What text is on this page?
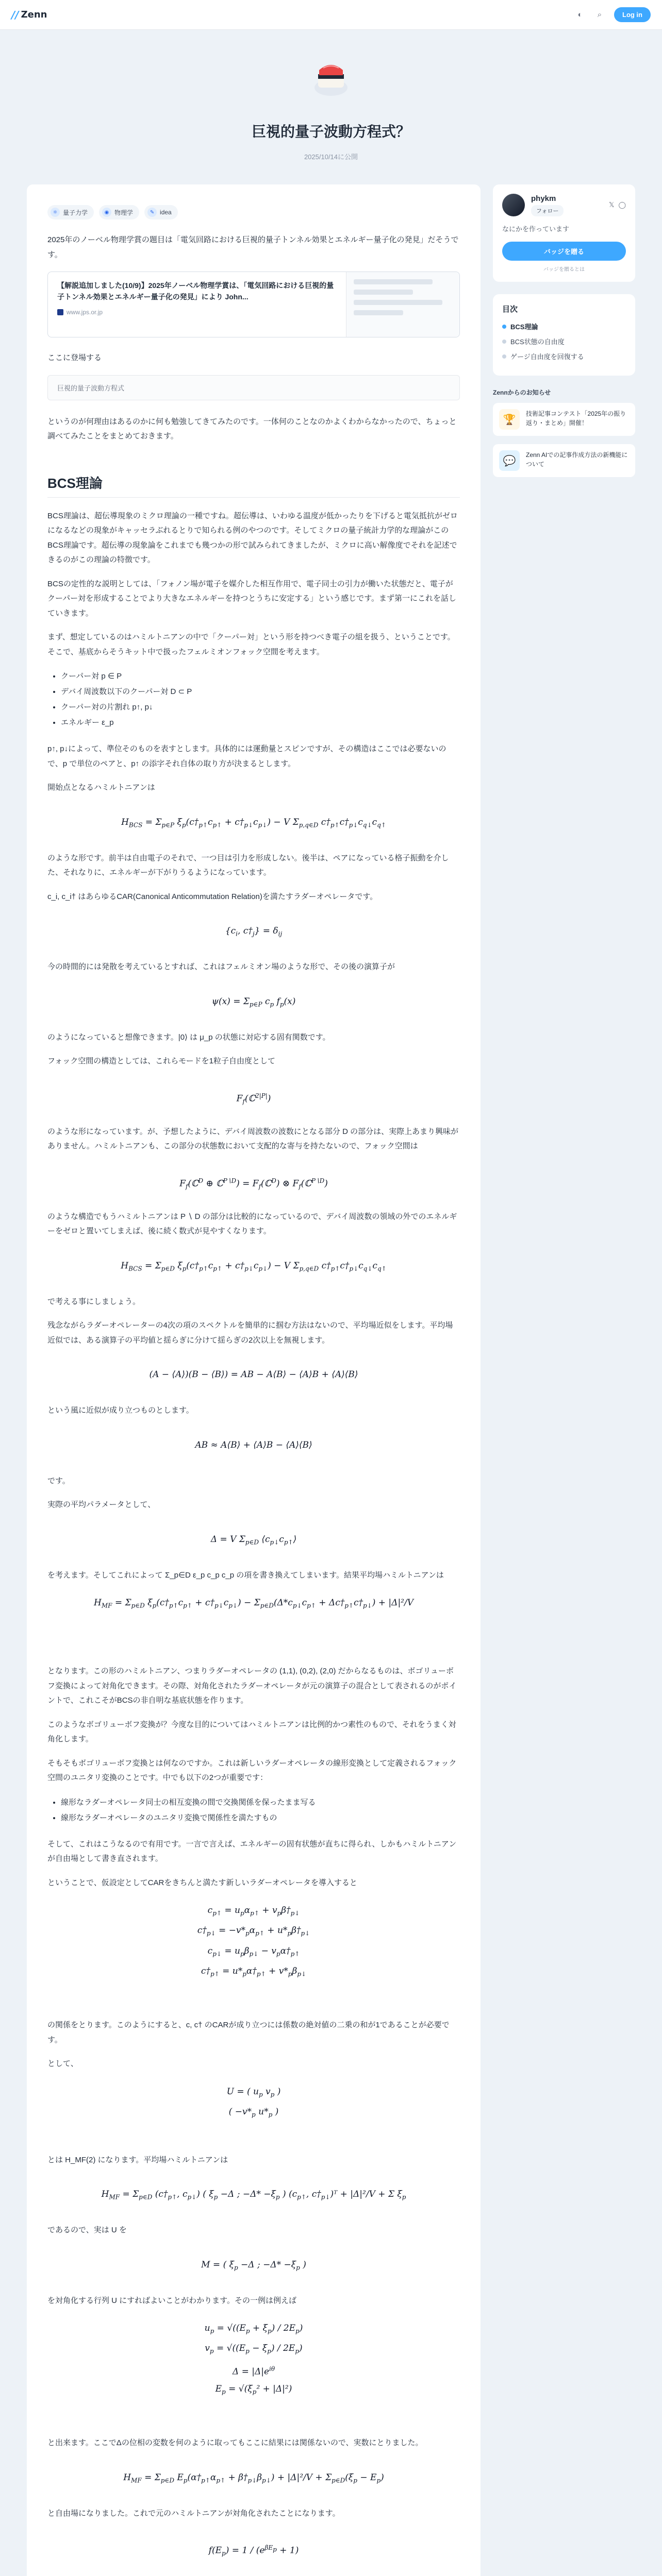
// Zenn	◐	⌕	Log in
巨視的量子波動方程式？
2025/10/14に公開
⚛ 量子力学	◉ 物理学	✎ idea

2025年のノーベル物理学賞の題目は「電気回路における巨視的量子トンネル効果とエネルギー量子化の発見」だそうです。

【解説追加しました(10/9)】2025年ノーベル物理学賞は、「電気回路における巨視的量子トンネル効果とエネルギー量子化の発見」により John...
www.jps.or.jp

ここに登場する

巨視的量子波動方程式

というのが何理由はあるのかに何も勉強してきてみたのです。一体何のことなのかよくわからなかったので、ちょっと調べてみたことをまとめておきます。

BCS理論

BCS理論は、超伝導現象のミクロ理論の一種ですね。超伝導は、いわゆる温度が低かったりを下げると電気抵抗がゼロになるなどの現象がキャッセラぶれるとりで知られる例のやつのです。そしてミクロの量子統計力学的な理論がこのBCS理論です。超伝導の現象論をこれまでも幾つかの形で試みられてきましたが、ミクロに高い解像度でそれを記述できるのがこの理論の特徴です。

BCSの定性的な説明としては、「フォノン場が電子を媒介した相互作用で、電子同士の引力が働いた状態だと、電子がクーパー対を形成することでより大きなエネルギーを持つとうちに安定する」という感じです。まず第一にこれを話していきます。

まず、想定しているのはハミルトニアンの中で「クーパー対」という形を持つべき電子の組を扱う、ということです。そこで、基底からそうキット中で扱ったフェルミオンフォック空間を考えます。

• クーパー対 p ∈ P
• デバイ周波数以下のクーパー対 D ⊂ P
• クーパー対の片割れ p↑, p↓
• エネルギー ε_p

p↑, p↓によって、準位そのものを表すとします。具体的には運動量とスピンですが、その構造はここでは必要ないので、p で単位のペアと、p↑ の添字それ自体の取り方が決まるとします。

開始点となるハミルトニアンは

$H_{BCS} = \Sigma_{p\in P}$ $\xi_p(c\dagger_{p↑}c_{p↑}$ + $c\dagger_{p↓}c_{p↓}) - V$ $\Sigma_{p,q\in D}$ $c\dagger_{p↑}c\dagger_{p↓}c_{q↓}c_{q↑}$

のような形です。前半は自由電子のそれで、一つ目は引力を形成しない。後半は、ペアになっている格子振動を介した、それなりに、エネルギーが下がりうるようになっています。

c_i, c_i† はあらゆるCAR(Canonical Anticommutation Relation)を満たすラダーオペレータです。

{$c_i$, $c\dagger_j\} = \delta_{ij}$

今の時間的には発散を考えているとすれば、これはフェルミオン場のような形で、その後の演算子が

$\psi(x) = \Sigma_{p\in P}$ $c_p$ $f_p(x)$

のようになっていると想像できます。|0⟩ は μ_p の状態に対応する固有関数です。

フォック空間の構造としては、これらモードを1粒子自由度として

$F_f(ℂ^{2|P|})$

のような形になっています。が、予想したように、デバイ周波数の波数にとなる部分 D の部分は、実際上あまり興味がありません。ハミルトニアンも、この部分の状態数において支配的な寄与を持たないので、フォック空間は

$F_f(ℂ^D$ ⊕ ℂ$^{P∖D}$) = $F_f(ℂ^D)$ ⊗ $F_f(ℂ^{P∖D})$

のような構造でもうハミルトニアンは P ∖ D の部分は比較的になっているので、デバイ周波数の領域の外でのエネルギーをゼロと置いてしまえば、後に続く数式が見やすくなります。

$H_{BCS} = \Sigma_{p\in D}$ $\xi_p(c\dagger_{p↑}c_{p↑}$ + $c\dagger_{p↓}c_{p↓}) - V$ $\Sigma_{p,q\in D}$ $c\dagger_{p↑}c\dagger_{p↓}c_{q↓}c_{q↑}$

で考える事にしましょう。

残念ながらラダーオペレーターの4次の項のスペクトルを簡単的に掴む方法はないので、平均場近似をします。平均場近似では、ある演算子の平均値と揺らぎに分けて揺らぎの2次以上を無視します。

(A − ⟨A⟩)(B − ⟨B⟩) = AB − A⟨B⟩ − ⟨A⟩B + ⟨A⟩⟨B⟩

という風に近似が成り立つものとします。

AB ≈ A⟨B⟩ + ⟨A⟩B − ⟨A⟩⟨B⟩

です。

実際の平均パラメータとして、

Δ = V $\Sigma_{p\in D}$ $⟨c_{p↓}c_{p↑}⟩$

を考えます。そしてこれによって Σ_p∈D ε_p c_p c_p の項を書き換えてしまいます。結果平均場ハミルトニアンは

$H_{MF} = \Sigma_{p\in D}$ $\xi_p(c\dagger_{p↑}c_{p↑}$ + $c\dagger_{p↓}c_{p↓}) - \Sigma_{p\in D}(\Delta*c_{p↓}c_{p↑}$ + $\Delta c\dagger_{p↑}c\dagger_{p↓}) + |\Delta|^2/V$

となります。この形のハミルトニアン、つまりラダーオペレータの (1,1), (0,2), (2,0) だからなるものは、ボゴリューボフ変換によって対角化できます。その際、対角化されたラダーオペレータが元の演算子の混合として表されるのがポイントで、これこそがBCSの非自明な基底状態を作ります。

このようなボゴリューボフ変換が？今度な目的についてはハミルトニアンは比例的かつ素性のもので、それをうまく対角化します。

そもそもボゴリューボフ変換とは何なのですか。これは新しいラダーオペレータの線形変換として定義されるフォック空間のユニタリ変換のことです。中でも以下の2つが重要です：

• 線形なラダーオペレータ同士の相互変換の間で交換関係を保ったまま写る
• 線形なラダーオペレータのユニタリ変換で関係性を満たすもの

そして、これはこうなるので有用です。一言で言えば、エネルギーの固有状態が直ちに得られ、しかもハミルトニアンが自由場として書き直されます。

ということで、仮設定としてCARをきちんと満たす新しいラダーオペレータを導入すると

$c_{p↑} = u_p\alpha_{p↑}$ + $v_p\beta\dagger_{p↓}$
$c\dagger_{p↓} = -v*_p\alpha_{p↑}$ + $u*_p\beta\dagger_{p↓}$
$c_{p↓} = u_p\beta_{p↓}$ − $v_p\alpha\dagger_{p↑}$
$c\dagger_{p↑}$ = $u*_p\alpha\dagger_{p↑} + v*_p\beta_{p↓}$

の関係をとります。このようにすると、c, c† のCARが成り立つには係数の絶対値の二乗の和が1であることが必要です。

として、

U = ( $u_p$ $v_p$ )
( $-v*_p$ $u*_p$ )

とは H_MF(2) になります。平均場ハミルトニアンは

$H_{MF} = \Sigma_{p\in D}$ ($c\dagger_{p↑}$, $c_{p↓}$) ( $\xi_p -\Delta$ ; $-\Delta* -\xi_p$ ) ($c_{p↑}$, $c\dagger_{p↓})ᵀ + |\Delta|^2/V + \Sigma$ $\xi_p$

であるので、実は U を

M = ( $\xi_p -\Delta$ ; $-\Delta* -\xi_p$ )

を対角化する行列 U にすればよいことがわかります。その一例は例えば

$u_p = √((E_p + \xi_p) / 2E_p)$
$v_p = √((E_p - \xi_p) / 2E_p)$
$\Delta = |\Delta|e^{i\theta}$
$E_p = √(\xi_p^2 + |\Delta|^2)$

と出来ます。ここでΔの位相の変数を何のように取ってもここに結果には関係ないので、実数にとりました。

$H_{MF} = \Sigma_{p\in D}$ $E_p(\alpha\dagger_{p↑}\alpha_{p↑}$ + $\beta\dagger_{p↓}\beta_{p↓}) + |\Delta|^2/V + \Sigma_{p\in D}(\xi_p - E_p)$

と自由場になりました。これで元のハミルトニアンが対角化されたことになります。

$f(E_p) = 1 / (e^{\beta Ep} + 1)$

phykm
フォロー
𝕏 ◯
なにかを作っています
バッジを贈る
バッジを贈るとは
目次
BCS理論
BCS状態の自由度
ゲージ自由度を回復する
Zennからのお知らせ
🏆
技術記事コンテスト「2025年の振り返り・まとめ」開催！
💬
Zenn AIでの記事作成方法の新機能について
